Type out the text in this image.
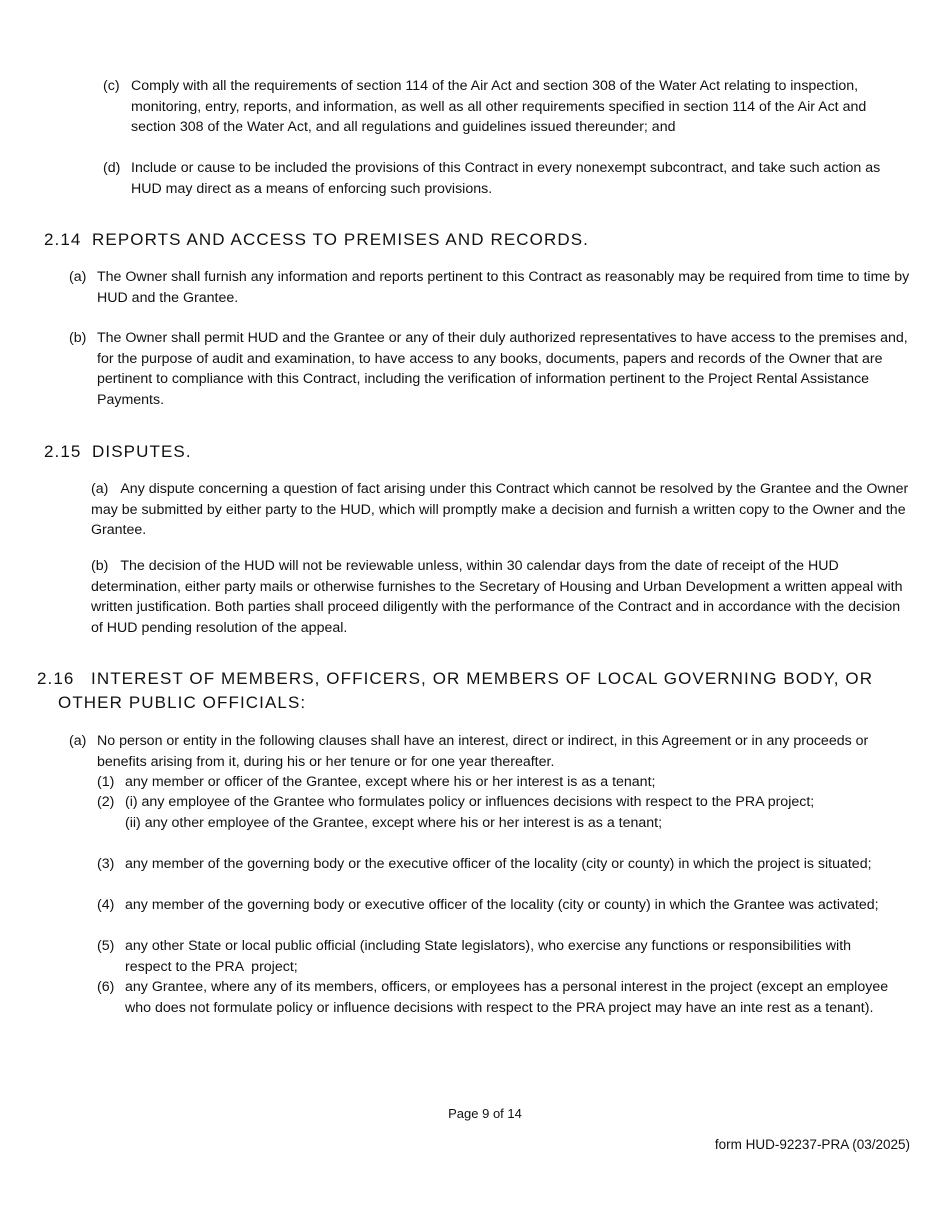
(c) Comply with all the requirements of section 114 of the Air Act and section 308 of the Water Act relating to inspection, monitoring, entry, reports, and information, as well as all other requirements specified in section 114 of the Air Act and section 308 of the Water Act, and all regulations and guidelines issued thereunder; and
(d) Include or cause to be included the provisions of this Contract in every nonexempt subcontract, and take such action as HUD may direct as a means of enforcing such provisions.
2.14 REPORTS AND ACCESS TO PREMISES AND RECORDS.
(a) The Owner shall furnish any information and reports pertinent to this Contract as reasonably may be required from time to time by HUD and the Grantee.
(b) The Owner shall permit HUD and the Grantee or any of their duly authorized representatives to have access to the premises and, for the purpose of audit and examination, to have access to any books, documents, papers and records of the Owner that are pertinent to compliance with this Contract, including the verification of information pertinent to the Project Rental Assistance Payments.
2.15 DISPUTES.
(a) Any dispute concerning a question of fact arising under this Contract which cannot be resolved by the Grantee and the Owner may be submitted by either party to the HUD, which will promptly make a decision and furnish a written copy to the Owner and the Grantee.
(b) The decision of the HUD will not be reviewable unless, within 30 calendar days from the date of receipt of the HUD determination, either party mails or otherwise furnishes to the Secretary of Housing and Urban Development a written appeal with written justification. Both parties shall proceed diligently with the performance of the Contract and in accordance with the decision of HUD pending resolution of the appeal.
2.16 INTEREST OF MEMBERS, OFFICERS, OR MEMBERS OF LOCAL GOVERNING BODY, OR
OTHER PUBLIC OFFICIALS:
(a) No person or entity in the following clauses shall have an interest, direct or indirect, in this Agreement or in any proceeds or benefits arising from it, during his or her tenure or for one year thereafter.
(1) any member or officer of the Grantee, except where his or her interest is as a tenant;
(2) (i) any employee of the Grantee who formulates policy or influences decisions with respect to the PRA project;
(ii) any other employee of the Grantee, except where his or her interest is as a tenant;
(3) any member of the governing body or the executive officer of the locality (city or county) in which the project is situated;
(4) any member of the governing body or executive officer of the locality (city or county) in which the Grantee was activated;
(5) any other State or local public official (including State legislators), who exercise any functions or responsibilities with respect to the PRA  project;
(6) any Grantee, where any of its members, officers, or employees has a personal interest in the project (except an employee who does not formulate policy or influence decisions with respect to the PRA project may have an inte rest as a tenant).
Page 9 of 14
form HUD-92237-PRA (03/2025)
